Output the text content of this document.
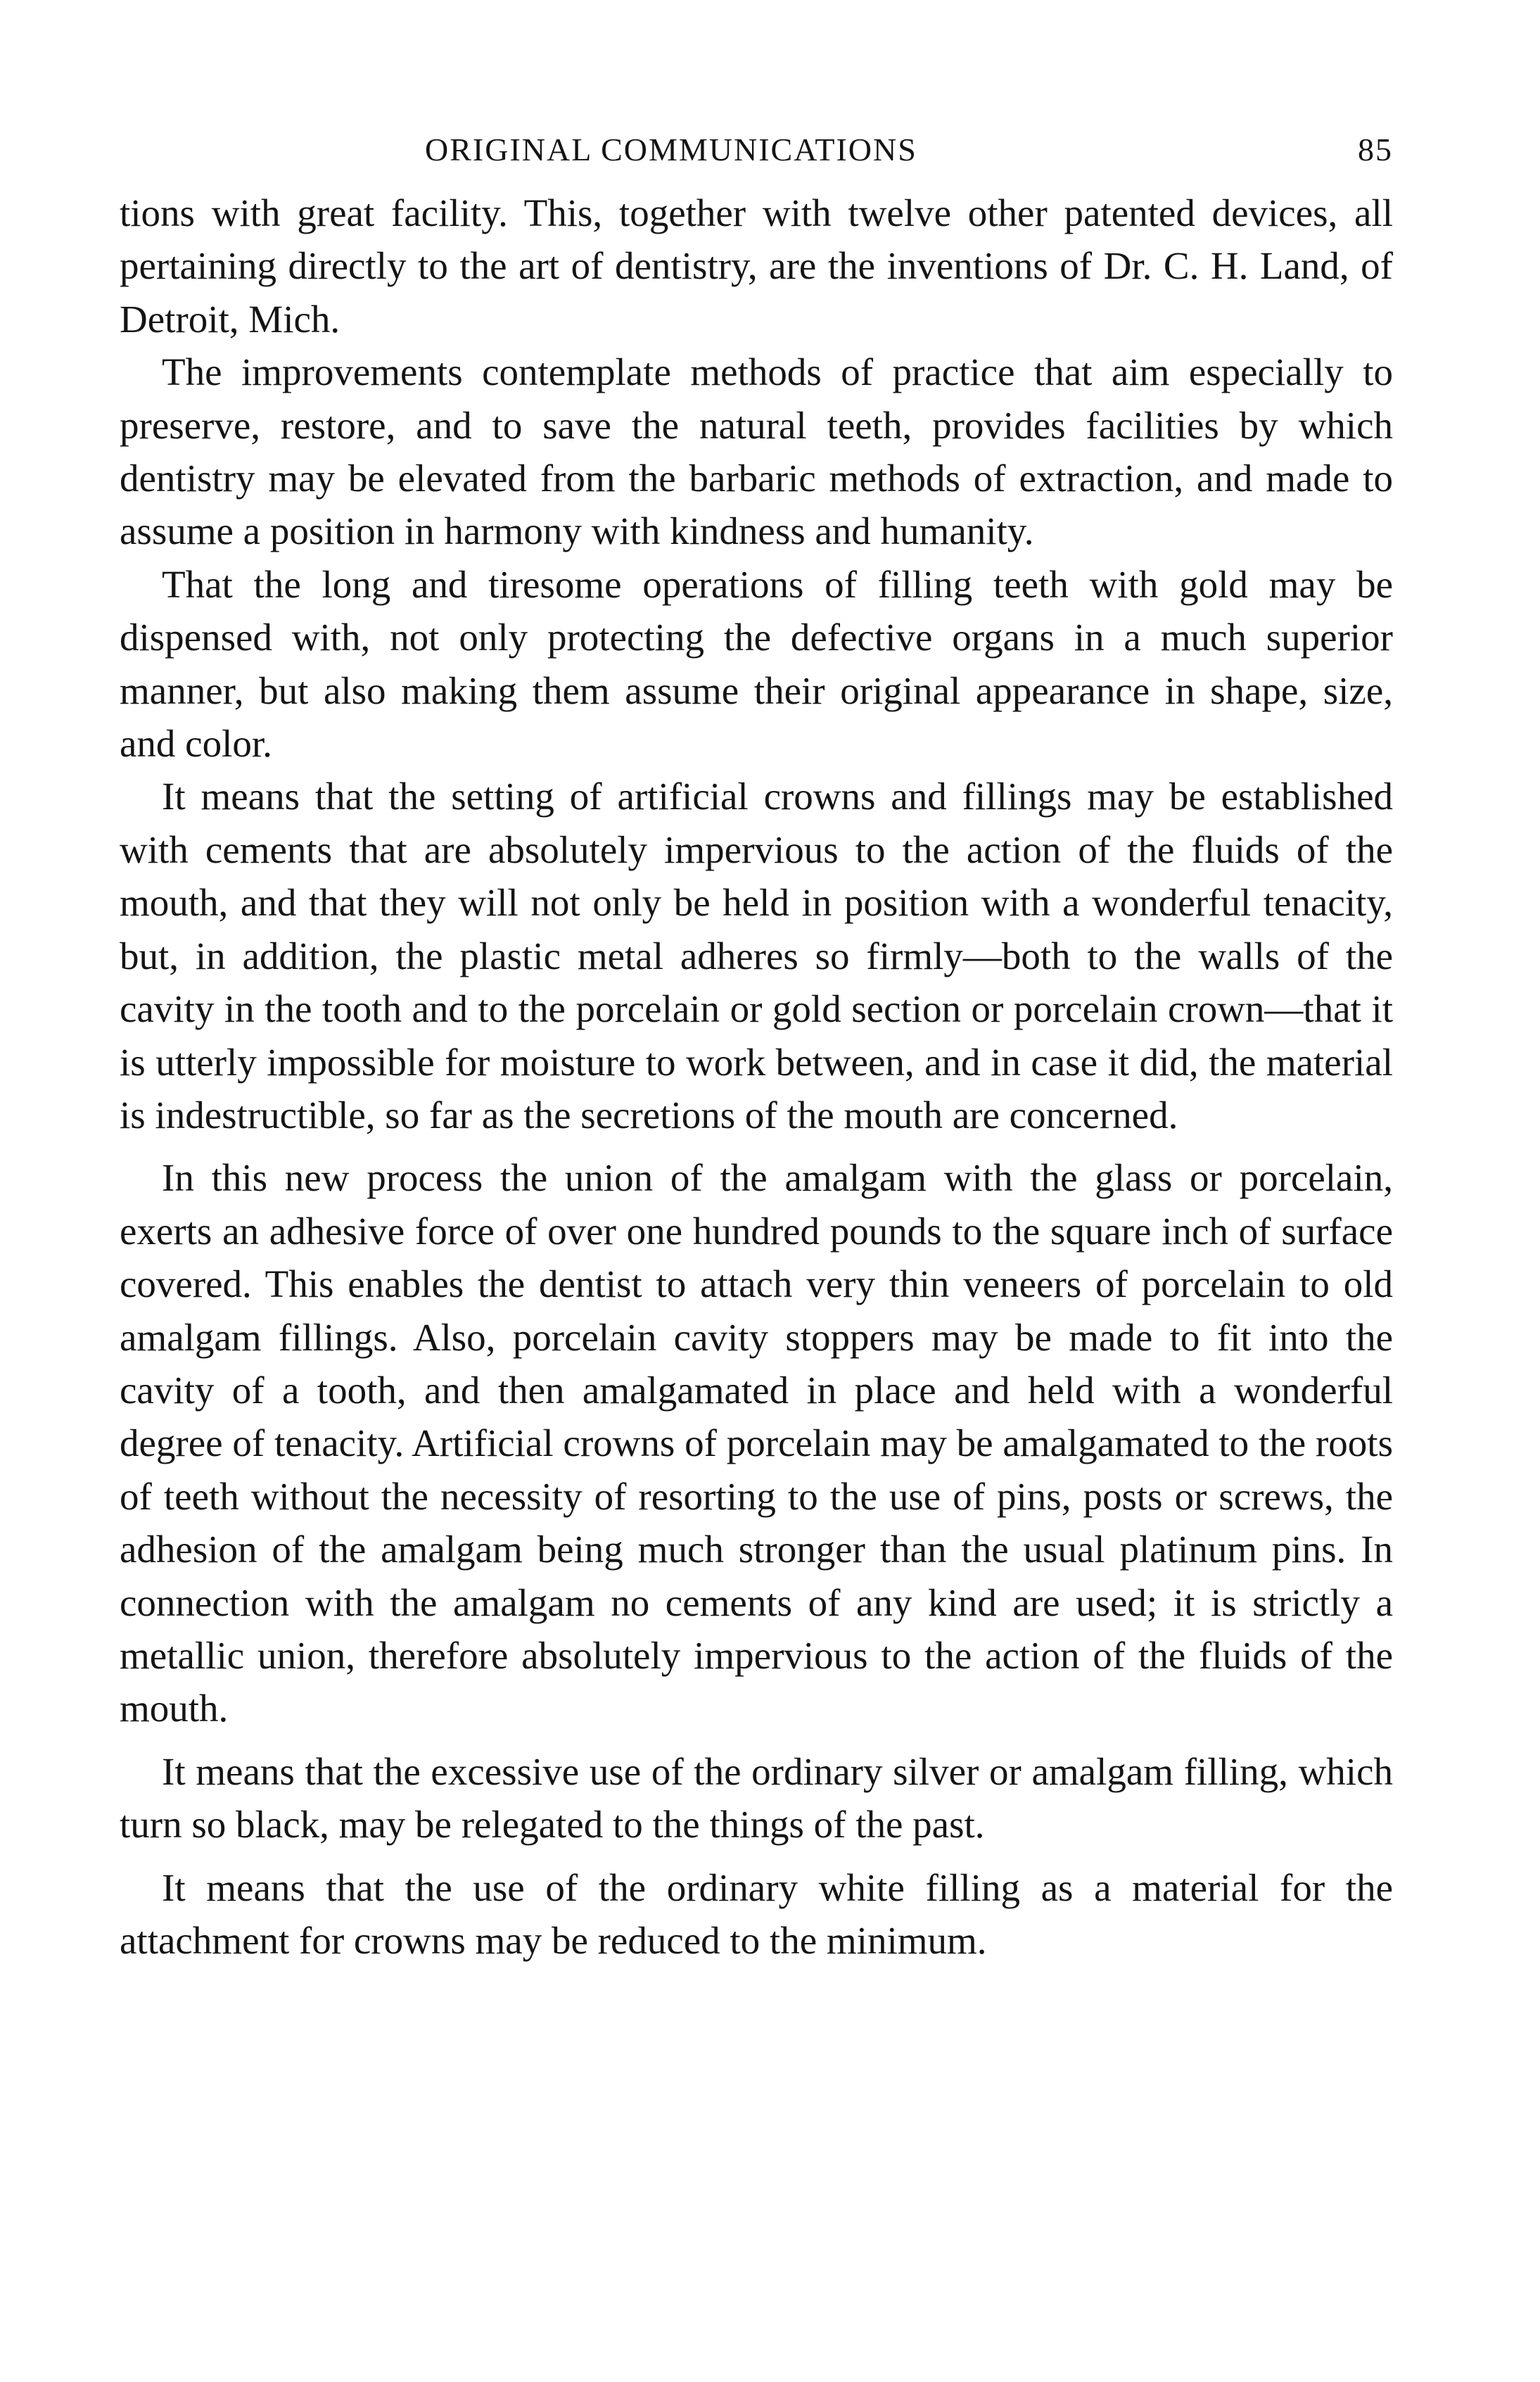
ORIGINAL COMMUNICATIONS	85

tions with great facility. This, together with twelve other patented devices, all pertaining directly to the art of dentistry, are the inventions of Dr. C. H. Land, of Detroit, Mich.

The improvements contemplate methods of practice that aim especially to preserve, restore, and to save the natural teeth, provides facilities by which dentistry may be elevated from the barbaric methods of extraction, and made to assume a position in harmony with kindness and humanity.

That the long and tiresome operations of filling teeth with gold may be dispensed with, not only protecting the defective organs in a much superior manner, but also making them assume their original appearance in shape, size, and color.

It means that the setting of artificial crowns and fillings may be established with cements that are absolutely impervious to the action of the fluids of the mouth, and that they will not only be held in position with a wonderful tenacity, but, in addition, the plastic metal adheres so firmly—both to the walls of the cavity in the tooth and to the porcelain or gold section or porcelain crown—that it is utterly impossible for moisture to work between, and in case it did, the material is indestructible, so far as the secretions of the mouth are concerned.

In this new process the union of the amalgam with the glass or porcelain, exerts an adhesive force of over one hundred pounds to the square inch of surface covered. This enables the dentist to attach very thin veneers of porcelain to old amalgam fillings. Also, porcelain cavity stoppers may be made to fit into the cavity of a tooth, and then amalgamated in place and held with a wonderful degree of tenacity. Artificial crowns of porcelain may be amalgamated to the roots of teeth without the necessity of resorting to the use of pins, posts or screws, the adhesion of the amalgam being much stronger than the usual platinum pins. In connection with the amalgam no cements of any kind are used; it is strictly a metallic union, therefore absolutely impervious to the action of the fluids of the mouth.

It means that the excessive use of the ordinary silver or amalgam filling, which turn so black, may be relegated to the things of the past.

It means that the use of the ordinary white filling as a material for the attachment for crowns may be reduced to the minimum.
